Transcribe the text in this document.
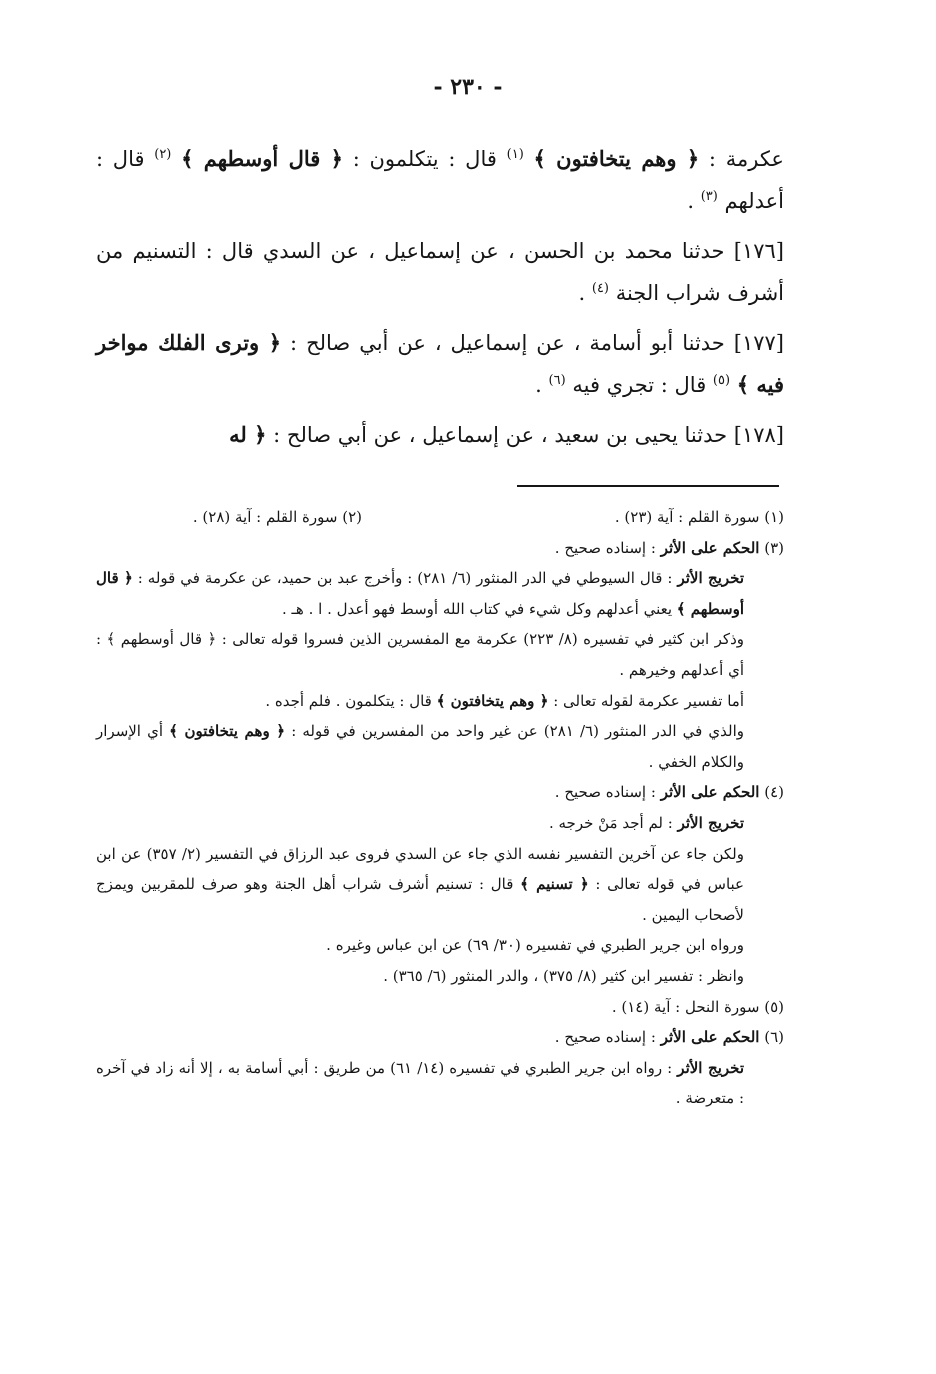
- ٢٣٠ -

عكرمة : ﴿ وهم يتخافتون ﴾ $^{(١)}$ قال : يتكلمون : ﴿ قال أوسطهم ﴾ $^{(٢)}$ قال : أعدلهم $^{(٣)}$ .

[١٧٦] حدثنا محمد بن الحسن ، عن إسماعيل ، عن السدي قال : التسنيم من أشرف شراب الجنة $^{(٤)}$ .

[١٧٧] حدثنا أبو أسامة ، عن إسماعيل ، عن أبي صالح : ﴿ وترى الفلك مواخر فيه ﴾ $^{(٥)}$ قال : تجري فيه $^{(٦)}$ .

[١٧٨] حدثنا يحيى بن سعيد ، عن إسماعيل ، عن أبي صالح : ﴿ له

(١) سورة القلم : آية (٢٣) .
(٢) سورة القلم : آية (٢٨) .

(٣) الحكم على الأثر : إسناده صحيح .

تخريج الأثر : قال السيوطي في الدر المنثور (٦/ ٢٨١) : وأخرج عبد بن حميد، عن عكرمة في قوله : ﴿ قال أوسطهم ﴾ يعني أعدلهم وكل شيء في كتاب الله أوسط فهو أعدل . ا . هـ .

وذكر ابن كثير في تفسيره (٨/ ٢٢٣) عكرمة مع المفسرين الذين فسروا قوله تعالى : ﴿ قال أوسطهم ﴾ : أي أعدلهم وخيرهم .

أما تفسير عكرمة لقوله تعالى : ﴿ وهم يتخافتون ﴾ قال : يتكلمون . فلم أجده .

والذي في الدر المنثور (٦/ ٢٨١) عن غير واحد من المفسرين في قوله : ﴿ وهم يتخافتون ﴾ أي الإسرار والكلام الخفي .

(٤) الحكم على الأثر : إسناده صحيح .

تخريج الأثر : لم أجد مَنْ خرجه .

ولكن جاء عن آخرين التفسير نفسه الذي جاء عن السدي فروى عبد الرزاق في التفسير (٢/ ٣٥٧) عن ابن عباس في قوله تعالى : ﴿ تسنيم ﴾ قال : تسنيم أشرف شراب أهل الجنة وهو صرف للمقربين ويمزج لأصحاب اليمين .

ورواه ابن جرير الطبري في تفسيره (٣٠/ ٦٩) عن ابن عباس وغيره .

وانظر : تفسير ابن كثير (٨/ ٣٧٥) ، والدر المنثور (٦/ ٣٦٥) .

(٥) سورة النحل : آية (١٤) .

(٦) الحكم على الأثر : إسناده صحيح .

تخريج الأثر : رواه ابن جرير الطبري في تفسيره (١٤/ ٦١) من طريق : أبي أسامة به ، إلا أنه زاد في آخره : متعرضة .
